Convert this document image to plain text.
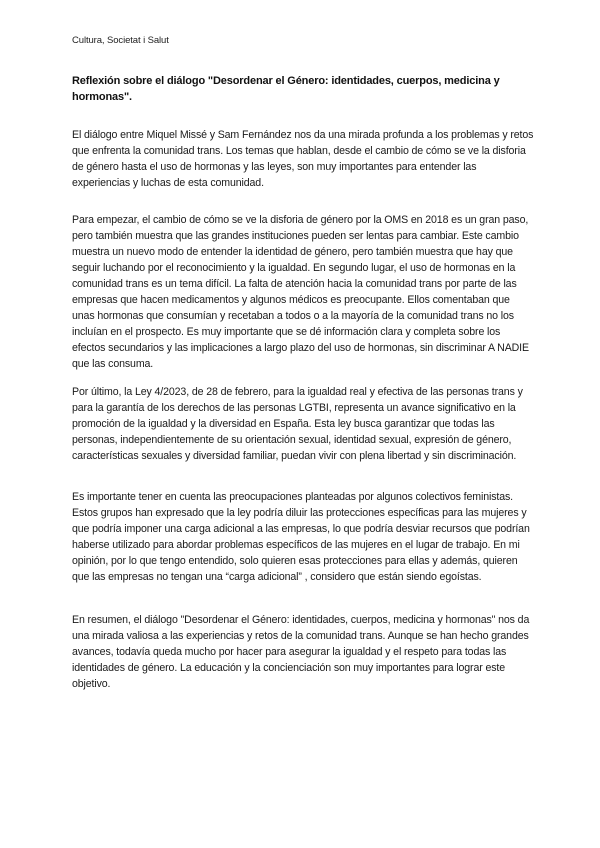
Cultura, Societat i Salut
Reflexión sobre el diálogo "Desordenar el Género: identidades, cuerpos, medicina y hormonas".

El diálogo entre Miquel Missé y Sam Fernández nos da una mirada profunda a los problemas y retos que enfrenta la comunidad trans. Los temas que hablan, desde el cambio de cómo se ve la disforia de género hasta el uso de hormonas y las leyes, son muy importantes para entender las experiencias y luchas de esta comunidad.

Para empezar, el cambio de cómo se ve la disforia de género por la OMS en 2018 es un gran paso, pero también muestra que las grandes instituciones pueden ser lentas para cambiar. Este cambio muestra un nuevo modo de entender la identidad de género, pero también muestra que hay que seguir luchando por el reconocimiento y la igualdad. En segundo lugar, el uso de hormonas en la comunidad trans es un tema difícil. La falta de atención hacia la comunidad trans por parte de las empresas que hacen medicamentos y algunos médicos es preocupante. Ellos comentaban que unas hormonas que consumían y recetaban a todos o a la mayoría de la comunidad trans no los incluían en el prospecto. Es muy importante que se dé información clara y completa sobre los efectos secundarios y las implicaciones a largo plazo del uso de hormonas, sin discriminar A NADIE que las consuma.

Por último, la Ley 4/2023, de 28 de febrero, para la igualdad real y efectiva de las personas trans y para la garantía de los derechos de las personas LGTBI, representa un avance significativo en la promoción de la igualdad y la diversidad en España. Esta ley busca garantizar que todas las personas, independientemente de su orientación sexual, identidad sexual, expresión de género, características sexuales y diversidad familiar, puedan vivir con plena libertad y sin discriminación.

Es importante tener en cuenta las preocupaciones planteadas por algunos colectivos feministas. Estos grupos han expresado que la ley podría diluir las protecciones específicas para las mujeres y que podría imponer una carga adicional a las empresas, lo que podría desviar recursos que podrían haberse utilizado para abordar problemas específicos de las mujeres en el lugar de trabajo. En mi opinión, por lo que tengo entendido, solo quieren esas protecciones para ellas y además, quieren que las empresas no tengan una “carga adicional” , considero que están siendo egoístas.

En resumen, el diálogo "Desordenar el Género: identidades, cuerpos, medicina y hormonas" nos da una mirada valiosa a las experiencias y retos de la comunidad trans. Aunque se han hecho grandes avances, todavía queda mucho por hacer para asegurar la igualdad y el respeto para todas las identidades de género. La educación y la concienciación son muy importantes para lograr este objetivo.
